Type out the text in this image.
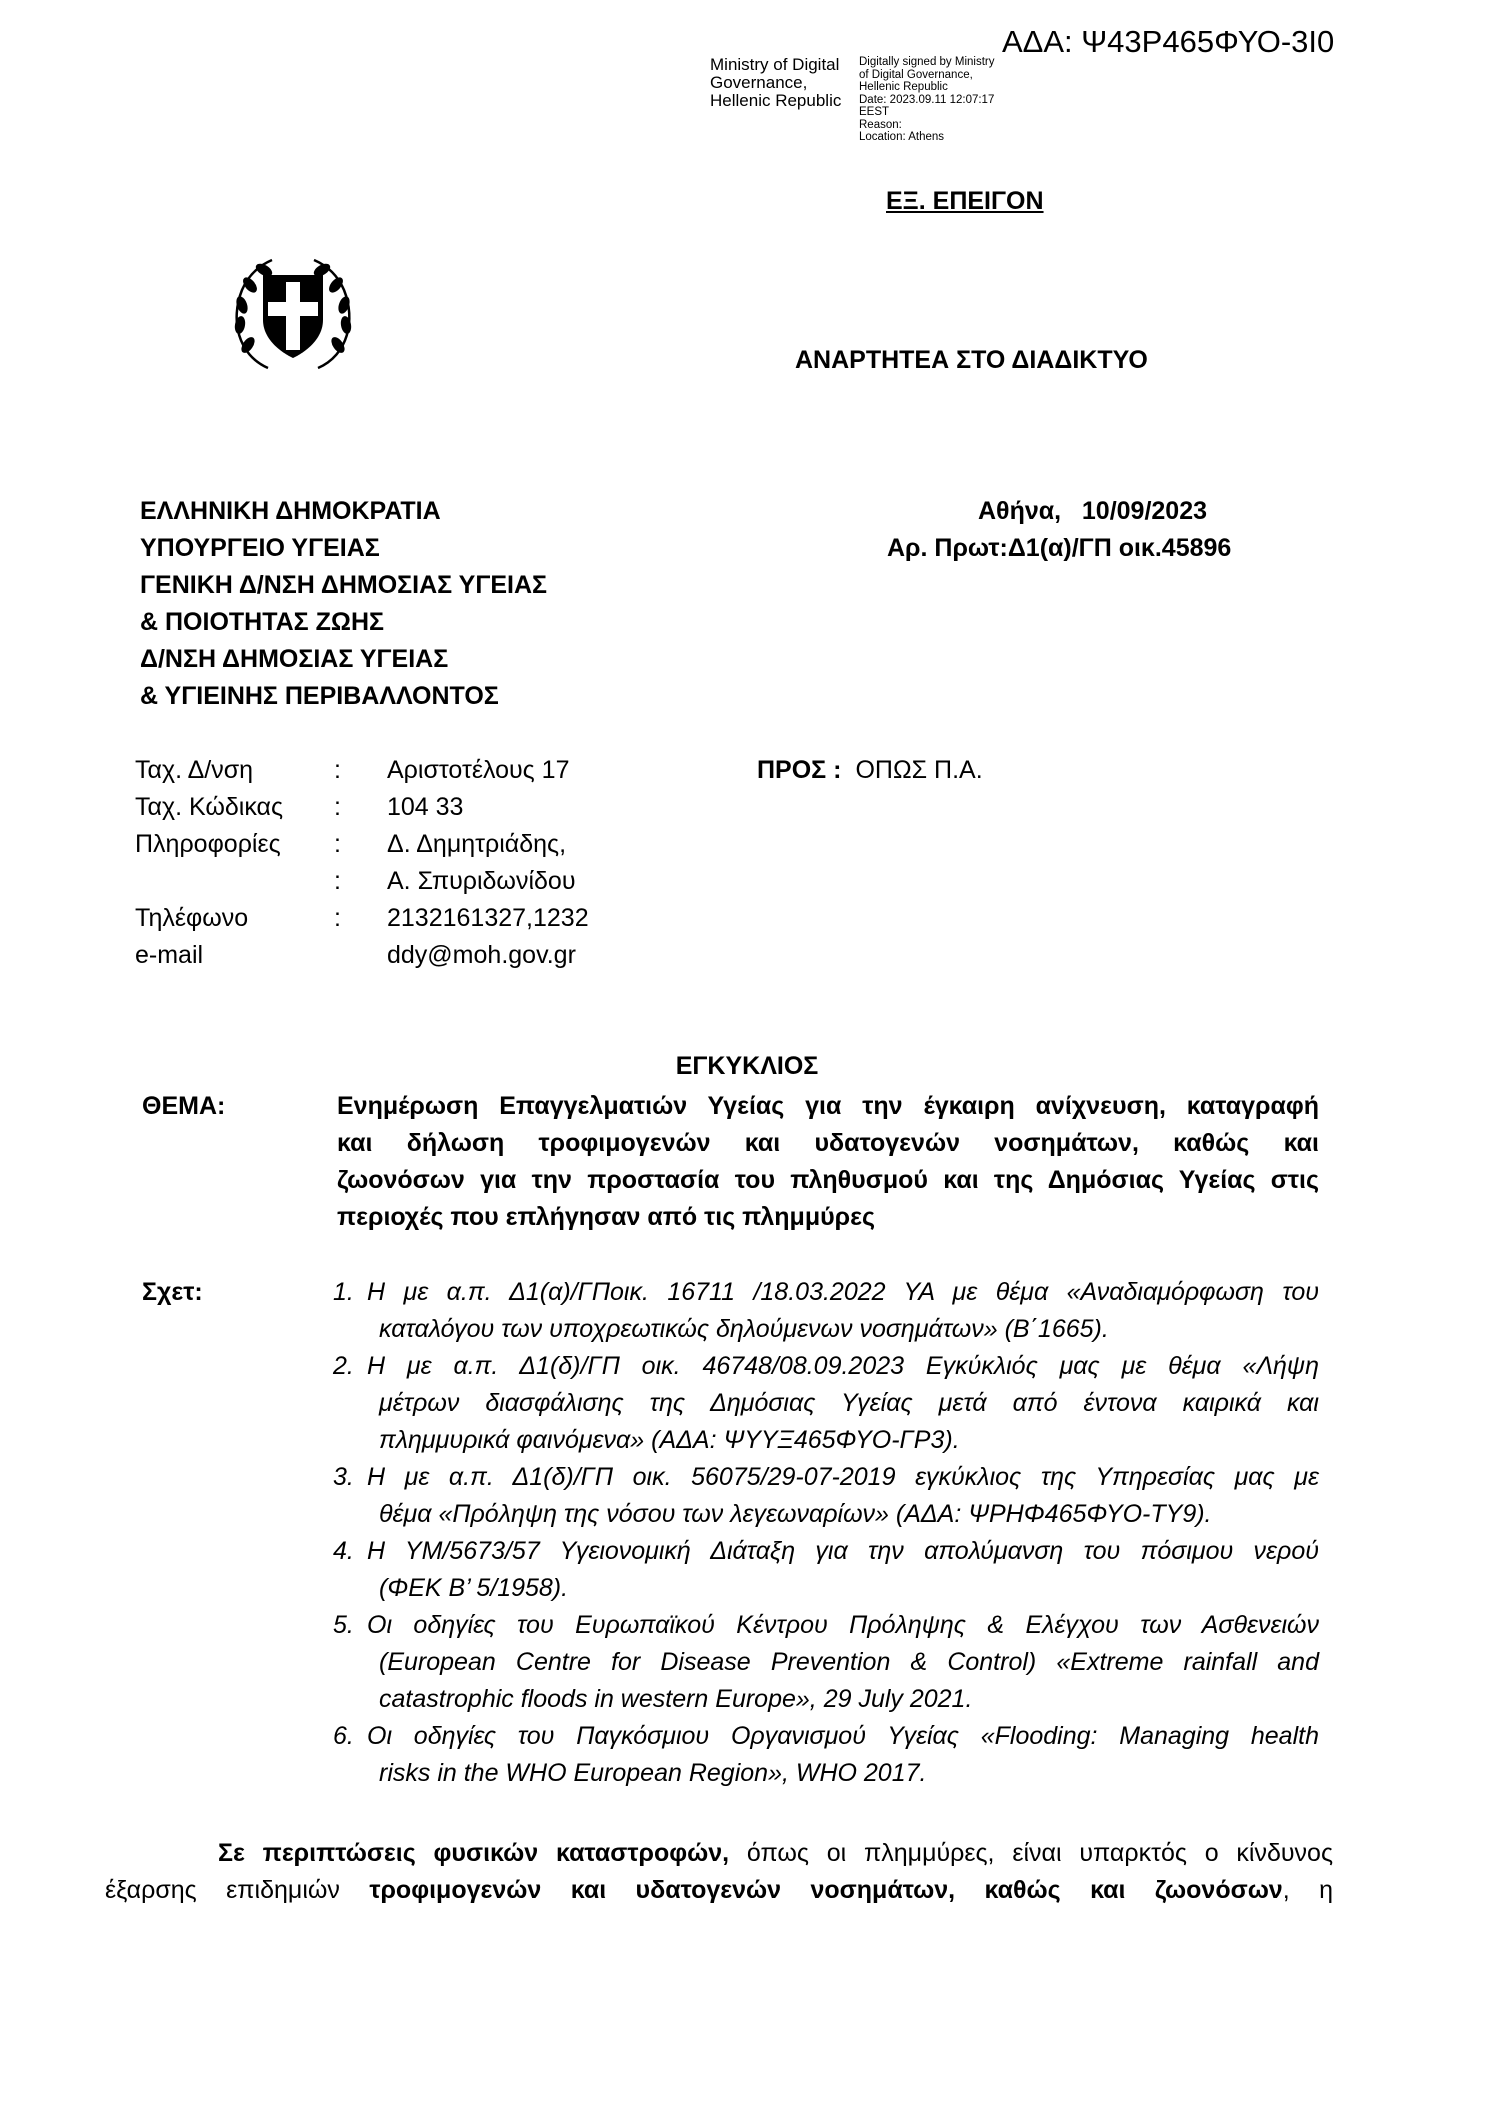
ΑΔΑ: Ψ43Ρ465ΦΥΟ-3Ι0
Ministry of Digital
Governance,
Hellenic Republic
Digitally signed by Ministry
of Digital Governance,
Hellenic Republic
Date: 2023.09.11 12:07:17
EEST
Reason:
Location: Athens
ΕΞ. ΕΠΕΙΓΟΝ
ΑΝΑΡΤΗΤΕΑ ΣΤΟ ΔΙΑΔΙΚΤΥΟ
ΕΛΛΗΝΙΚΗ ΔΗΜΟΚΡΑΤΙΑ
ΥΠΟΥΡΓΕΙΟ ΥΓΕΙΑΣ
ΓΕΝΙΚΗ Δ/ΝΣΗ ΔΗΜΟΣΙΑΣ ΥΓΕΙΑΣ
& ΠΟΙΟΤΗΤΑΣ ΖΩΗΣ
Δ/ΝΣΗ ΔΗΜΟΣΙΑΣ ΥΓΕΙΑΣ
& ΥΓΙΕΙΝΗΣ ΠΕΡΙΒΑΛΛΟΝΤΟΣ
Αθήνα,   10/09/2023
Αρ. Πρωτ:Δ1(α)/ΓΠ οικ.45896
Ταχ. Δ/νση	: Αριστοτέλους 17
Ταχ. Κώδικας : 104 33
Πληροφορίες : Δ. Δημητριάδης,
: Α. Σπυριδωνίδου
Τηλέφωνο	: 2132161327,1232
e-mail	ddy@moh.gov.gr
ΠΡΟΣ : ΟΠΩΣ Π.Α.
ΕΓΚΥΚΛΙΟΣ
ΘΕΜΑ:	Ενημέρωση Επαγγελματιών Υγείας για την έγκαιρη ανίχνευση, καταγραφή
και δήλωση τροφιμογενών και υδατογενών νοσημάτων, καθώς και
ζωονόσων για την προστασία του πληθυσμού και της Δημόσιας Υγείας στις
περιοχές που επλήγησαν από τις πλημμύρες
Σχετ:	1. Η με α.π. Δ1(α)/ΓΠοικ. 16711 /18.03.2022 ΥΑ με θέμα «Αναδιαμόρφωση του
καταλόγου των υποχρεωτικώς δηλούμενων νοσημάτων» (Β΄1665).
2. Η με α.π. Δ1(δ)/ΓΠ οικ. 46748/08.09.2023 Εγκύκλιός μας με θέμα «Λήψη
μέτρων διασφάλισης της Δημόσιας Υγείας μετά από έντονα καιρικά και
πλημμυρικά φαινόμενα» (ΑΔΑ: ΨΥΥΞ465ΦΥΟ-ΓΡ3).
3. Η με α.π. Δ1(δ)/ΓΠ οικ. 56075/29-07-2019 εγκύκλιος της Υπηρεσίας μας με
θέμα «Πρόληψη της νόσου των λεγεωναρίων» (ΑΔΑ: ΨΡΗΦ465ΦΥΟ-ΤΥ9).
4. Η ΥΜ/5673/57 Υγειονομική Διάταξη για την απολύμανση του πόσιμου νερού
(ΦΕΚ Β’ 5/1958).
5. Οι οδηγίες του Ευρωπαϊκού Κέντρου Πρόληψης & Ελέγχου των Ασθενειών
(European Centre for Disease Prevention & Control) «Extreme rainfall and
catastrophic floods in western Europe», 29 July 2021.
6. Οι οδηγίες του Παγκόσμιου Οργανισμού Υγείας «Flooding: Managing health
risks in the WHO European Region», WHO 2017.
Σε περιπτώσεις φυσικών καταστροφών, όπως οι πλημμύρες, είναι υπαρκτός ο κίνδυνος
έξαρσης επιδημιών τροφιμογενών και υδατογενών νοσημάτων, καθώς και ζωονόσων, η
